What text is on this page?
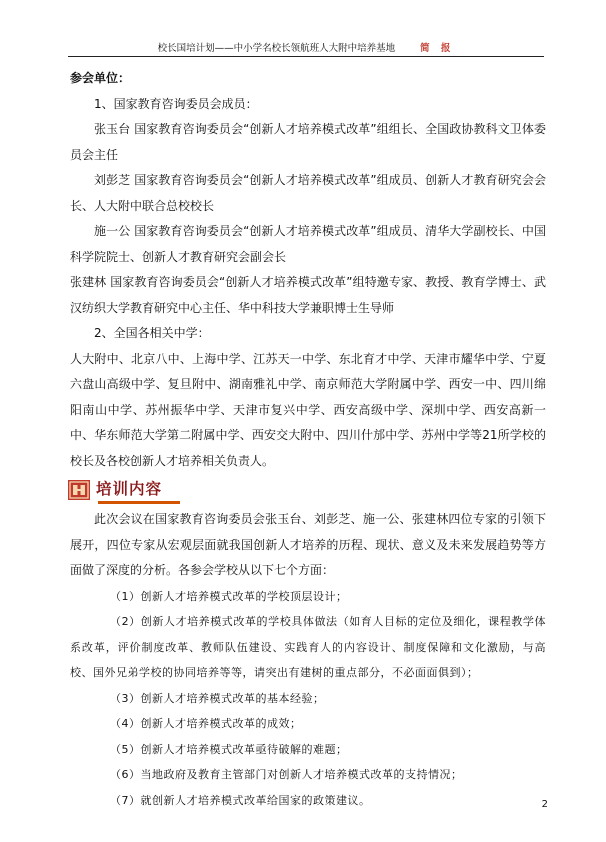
校长国培计划——中小学名校长领航班人大附中培养基地	简 报

参会单位：

1、国家教育咨询委员会成员：

张玉台 国家教育咨询委员会“创新人才培养模式改革”组组长、全国政协教科文卫体委员会主任

刘彭芝 国家教育咨询委员会“创新人才培养模式改革”组成员、创新人才教育研究会会长、人大附中联合总校校长

施一公 国家教育咨询委员会“创新人才培养模式改革”组成员、清华大学副校长、中国科学院院士、创新人才教育研究会副会长

张建林 国家教育咨询委员会“创新人才培养模式改革”组特邀专家、教授、教育学博士、武汉纺织大学教育研究中心主任、华中科技大学兼职博士生导师

2、全国各相关中学：

人大附中、北京八中、上海中学、江苏天一中学、东北育才中学、天津市耀华中学、宁夏六盘山高级中学、复旦附中、湖南雅礼中学、南京师范大学附属中学、西安一中、四川绵阳南山中学、苏州振华中学、天津市复兴中学、西安高级中学、深圳中学、西安高新一中、华东师范大学第二附属中学、西安交大附中、四川什邡中学、苏州中学等21所学校的校长及各校创新人才培养相关负责人。

培训内容

此次会议在国家教育咨询委员会张玉台、刘彭芝、施一公、张建林四位专家的引领下展开，四位专家从宏观层面就我国创新人才培养的历程、现状、意义及未来发展趋势等方面做了深度的分析。各参会学校从以下七个方面：

（1）创新人才培养模式改革的学校顶层设计；

（2）创新人才培养模式改革的学校具体做法（如育人目标的定位及细化，课程教学体系改革，评价制度改革、教师队伍建设、实践育人的内容设计、制度保障和文化激励，与高校、国外兄弟学校的协同培养等等，请突出有建树的重点部分，不必面面俱到）；

（3）创新人才培养模式改革的基本经验；

（4）创新人才培养模式改革的成效；

（5）创新人才培养模式改革亟待破解的难题；

（6）当地政府及教育主管部门对创新人才培养模式改革的支持情况；

（7）就创新人才培养模式改革给国家的政策建议。	2
